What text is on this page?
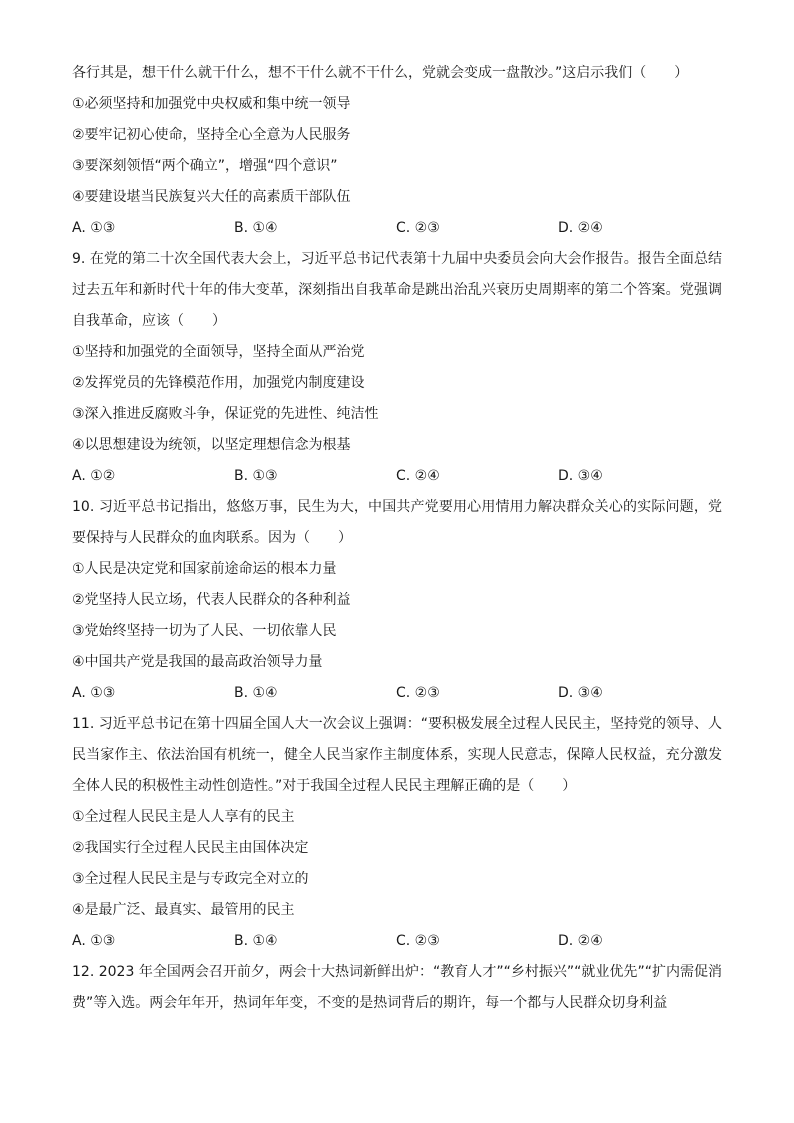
各行其是，想干什么就干什么，想不干什么就不干什么，党就会变成一盘散沙。”这启示我们（　　）
①必须坚持和加强党中央权威和集中统一领导
②要牢记初心使命，坚持全心全意为人民服务
③要深刻领悟“两个确立”，增强“四个意识”
④要建设堪当民族复兴大任的高素质干部队伍
A. ①③	B. ①④	C. ②③	D. ②④
9. 在党的第二十次全国代表大会上，习近平总书记代表第十九届中央委员会向大会作报告。报告全面总结过去五年和新时代十年的伟大变革，深刻指出自我革命是跳出治乱兴衰历史周期率的第二个答案。党强调自我革命，应该（　　）
①坚持和加强党的全面领导，坚持全面从严治党
②发挥党员的先锋模范作用，加强党内制度建设
③深入推进反腐败斗争，保证党的先进性、纯洁性
④以思想建设为统领，以坚定理想信念为根基
A. ①②	B. ①③	C. ②④	D. ③④
10. 习近平总书记指出，悠悠万事，民生为大，中国共产党要用心用情用力解决群众关心的实际问题，党要保持与人民群众的血肉联系。因为（　　）
①人民是决定党和国家前途命运的根本力量
②党坚持人民立场，代表人民群众的各种利益
③党始终坚持一切为了人民、一切依靠人民
④中国共产党是我国的最高政治领导力量
A. ①③	B. ①④	C. ②③	D. ③④
11. 习近平总书记在第十四届全国人大一次会议上强调：“要积极发展全过程人民民主，坚持党的领导、人民当家作主、依法治国有机统一，健全人民当家作主制度体系，实现人民意志，保障人民权益，充分激发全体人民的积极性主动性创造性。”对于我国全过程人民民主理解正确的是（　　）
①全过程人民民主是人人享有的民主
②我国实行全过程人民民主由国体决定
③全过程人民民主是与专政完全对立的
④是最广泛、最真实、最管用的民主
A. ①③	B. ①④	C. ②③	D. ②④
12. 2023 年全国两会召开前夕，两会十大热词新鲜出炉：“教育人才”“乡村振兴”“就业优先”“扩内需促消费”等入选。两会年年开，热词年年变，不变的是热词背后的期许，每一个都与人民群众切身利益
